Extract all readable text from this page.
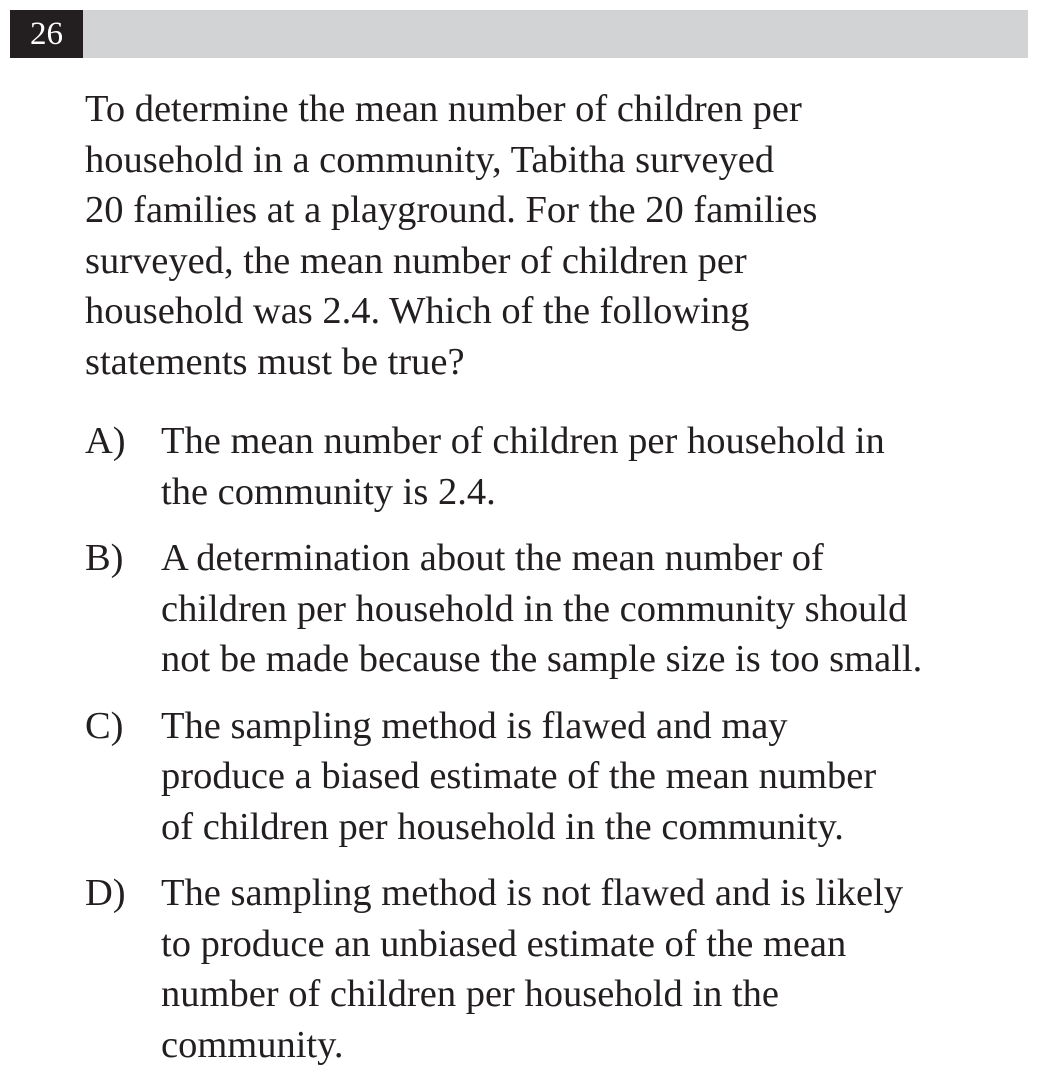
26
To determine the mean number of children per
household in a community, Tabitha surveyed
20 families at a playground. For the 20 families
surveyed, the mean number of children per
household was 2.4. Which of the following
statements must be true?
A) The mean number of children per household in
the community is 2.4.
B) A determination about the mean number of
children per household in the community should
not be made because the sample size is too small.
C) The sampling method is flawed and may
produce a biased estimate of the mean number
of children per household in the community.
D) The sampling method is not flawed and is likely
to produce an unbiased estimate of the mean
number of children per household in the
community.
